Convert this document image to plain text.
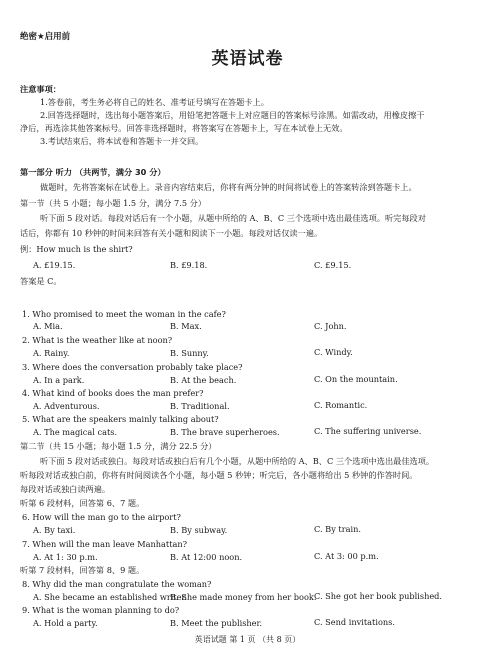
绝密★启用前
英语试卷
注意事项：
1.答卷前，考生务必将自己的姓名、准考证号填写在答题卡上。
2.回答选择题时，选出每小题答案后，用铅笔把答题卡上对应题目的答案标号涂黑。如需改动，用橡皮擦干
净后，再选涂其他答案标号。回答非选择题时，将答案写在答题卡上，写在本试卷上无效。
3.考试结束后，将本试卷和答题卡一并交回。
第一部分 听力 （共两节，满分 30 分）
做题时，先将答案标在试卷上。录音内容结束后，你将有两分钟的时间将试卷上的答案转涂到答题卡上。
第一节（共 5 小题；每小题 1.5 分，满分 7.5 分）
听下面 5 段对话。每段对话后有一个小题，从题中所给的 A、B、C 三个选项中选出最佳选项。听完每段对
话后，你都有 10 秒钟的时间来回答有关小题和阅读下一小题。每段对话仅读一遍。
例：How much is the shirt?
A. £19.15.	B. £9.18.	C. £9.15.
答案是 C。
1. Who promised to meet the woman in the cafe?
A. Mia.	B. Max.	C. John.
2. What is the weather like at noon?
A. Rainy.	B. Sunny.	C. Windy.
3. Where does the conversation probably take place?
A. In a park.	B. At the beach.	C. On the mountain.
4. What kind of books does the man prefer?
A. Adventurous.	B. Traditional.	C. Romantic.
5. What are the speakers mainly talking about?
A. The magical cats.	B. The brave superheroes.	C. The suffering universe.
第二节（共 15 小题；每小题 1.5 分，满分 22.5 分）
听下面 5 段对话或独白。每段对话或独白后有几个小题，从题中所给的 A、B、C 三个选项中选出最佳选项。
听每段对话或独白前，你将有时间阅读各个小题，每小题 5 秒钟；听完后，各小题将给出 5 秒钟的作答时间。
每段对话或独白读两遍。
听第 6 段材料，回答第 6、7 题。
6. How will the man go to the airport?
A. By taxi.	B. By subway.	C. By train.
7. When will the man leave Manhattan?
A. At 1: 30 p.m.	B. At 12:00 noon.	C. At 3: 00 p.m.
听第 7 段材料，回答第 8、9 题。
8. Why did the man congratulate the woman?
A. She became an established writer.
B. She made money from her book.
C. She got her book published.
9. What is the woman planning to do?
A. Hold a party.	B. Meet the publisher.	C. Send invitations.
英语试题 第 1 页 （共 8 页）
